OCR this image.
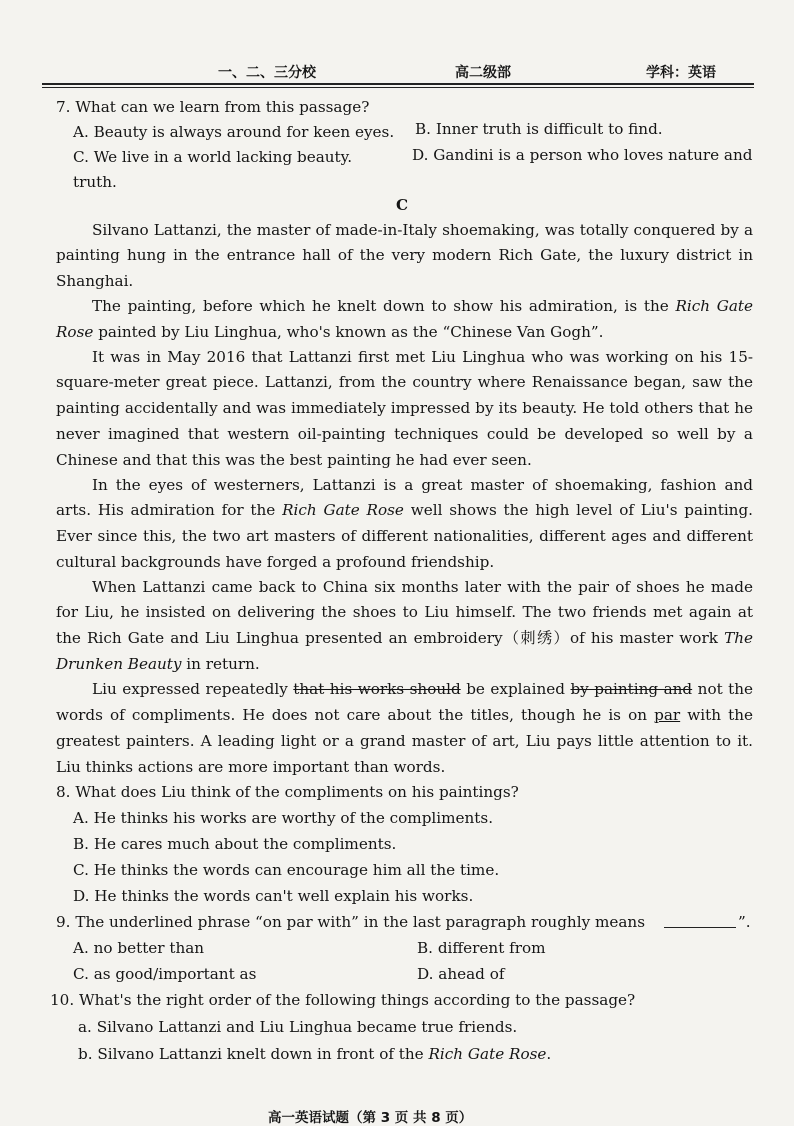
一、二、三分校	高二级部	学科：英语
7. What can we learn from this passage?
A. Beauty is always around for keen eyes. B. Inner truth is difficult to find.
C. We live in a world lacking beauty.	D. Gandini is a person who loves nature and
truth.
C
Silvano Lattanzi, the master of made-in-Italy shoemaking, was totally conquered by a
painting hung in the entrance hall of the very modern Rich Gate, the luxury district in
Shanghai.
The painting, before which he knelt down to show his admiration, is the Rich Gate
Rose painted by Liu Linghua, who's known as the “Chinese Van Gogh”.
It was in May 2016 that Lattanzi first met Liu Linghua who was working on his 15-
square-meter great piece. Lattanzi, from the country where Renaissance began, saw the
painting accidentally and was immediately impressed by its beauty. He told others that he
never imagined that western oil-painting techniques could be developed so well by a
Chinese and that this was the best painting he had ever seen.
In the eyes of westerners, Lattanzi is a great master of shoemaking, fashion and
arts. His admiration for the Rich Gate Rose well shows the high level of Liu's painting.
Ever since this, the two art masters of different nationalities, different ages and different
cultural backgrounds have forged a profound friendship.
When Lattanzi came back to China six months later with the pair of shoes he made
for Liu, he insisted on delivering the shoes to Liu himself. The two friends met again at
the Rich Gate and Liu Linghua presented an embroidery（刺绣）of his master work The
Drunken Beauty in return.
Liu expressed repeatedly that his works should be explained by painting and not the
words of compliments. He does not care about the titles, though he is on par with the
greatest painters. A leading light or a grand master of art, Liu pays little attention to it.
Liu thinks actions are more important than words.
8. What does Liu think of the compliments on his paintings?
A. He thinks his works are worthy of the compliments.
B. He cares much about the compliments.
C. He thinks the words can encourage him all the time.
D. He thinks the words can't well explain his works.
9. The underlined phrase “on par with” in the last paragraph roughly means	”.
A. no better than	B. different from
C. as good/important as	D. ahead of
10. What's the right order of the following things according to the passage?
a. Silvano Lattanzi and Liu Linghua became true friends.
b. Silvano Lattanzi knelt down in front of the Rich Gate Rose.
高一英语试题（第 3 页 共 8 页）
